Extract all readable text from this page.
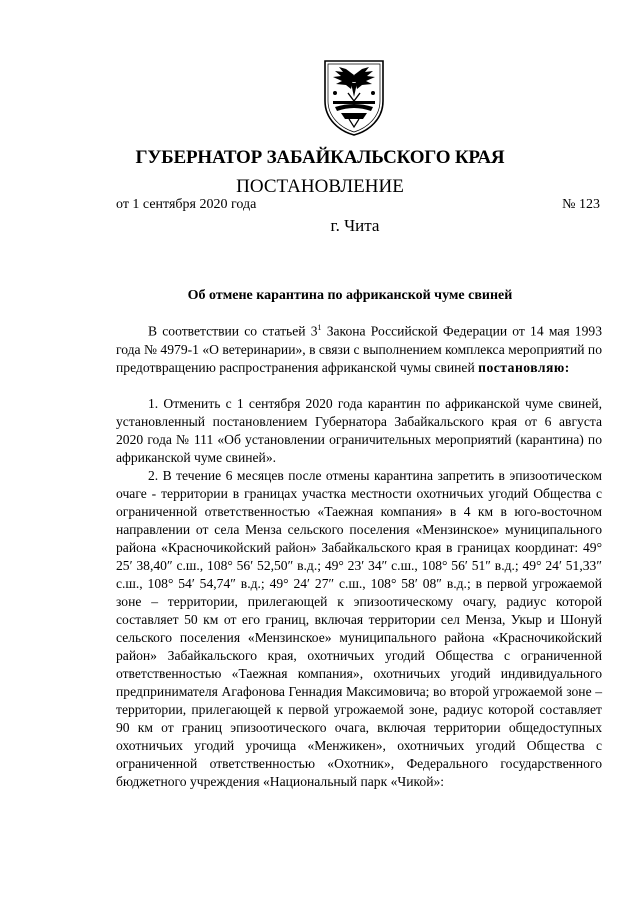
ГУБЕРНАТОР ЗАБАЙКАЛЬСКОГО КРАЯ
ПОСТАНОВЛЕНИЕ
от 1 сентября 2020 года	№ 123
г. Чита
Об отмене карантина по африканской чуме свиней

В соответствии со статьей $3^1$ Закона Российской Федерации от 14 мая 1993 года № 4979-1 «О ветеринарии», в связи с выполнением комплекса мероприятий по предотвращению распространения африканской чумы свиней постановляю:

1. Отменить с 1 сентября 2020 года карантин по африканской чуме свиней, установленный постановлением Губернатора Забайкальского края от 6 августа 2020 года № 111 «Об установлении ограничительных мероприятий (карантина) по африканской чуме свиней».

2. В течение 6 месяцев после отмены карантина запретить в эпизоотическом очаге - территории в границах участка местности охотничьих угодий Общества с ограниченной ответственностью «Таежная компания» в 4 км в юго-восточном направлении от села Менза сельского поселения «Мензинское» муниципального района «Красночикойский район» Забайкальского края в границах координат: 49° 25′ 38,40″ с.ш., 108° 56′ 52,50″ в.д.; 49° 23′ 34″ с.ш., 108° 56′ 51″ в.д.; 49° 24′ 51,33″ с.ш., 108° 54′ 54,74″ в.д.; 49° 24′ 27″ с.ш., 108° 58′ 08″ в.д.; в первой угрожаемой зоне – территории, прилегающей к эпизоотическому очагу, радиус которой составляет 50 км от его границ, включая территории сел Менза, Укыр и Шонуй сельского поселения «Мензинское» муниципального района «Красночикойский район» Забайкальского края, охотничьих угодий Общества с ограниченной ответственностью «Таежная компания», охотничьих угодий индивидуального предпринимателя Агафонова Геннадия Максимовича; во второй угрожаемой зоне – территории, прилегающей к первой угрожаемой зоне, радиус которой составляет 90 км от границ эпизоотического очага, включая территории общедоступных охотничьих угодий урочища «Менжикен», охотничьих угодий Общества с ограниченной ответственностью «Охотник», Федерального государственного бюджетного учреждения «Национальный парк «Чикой»:
